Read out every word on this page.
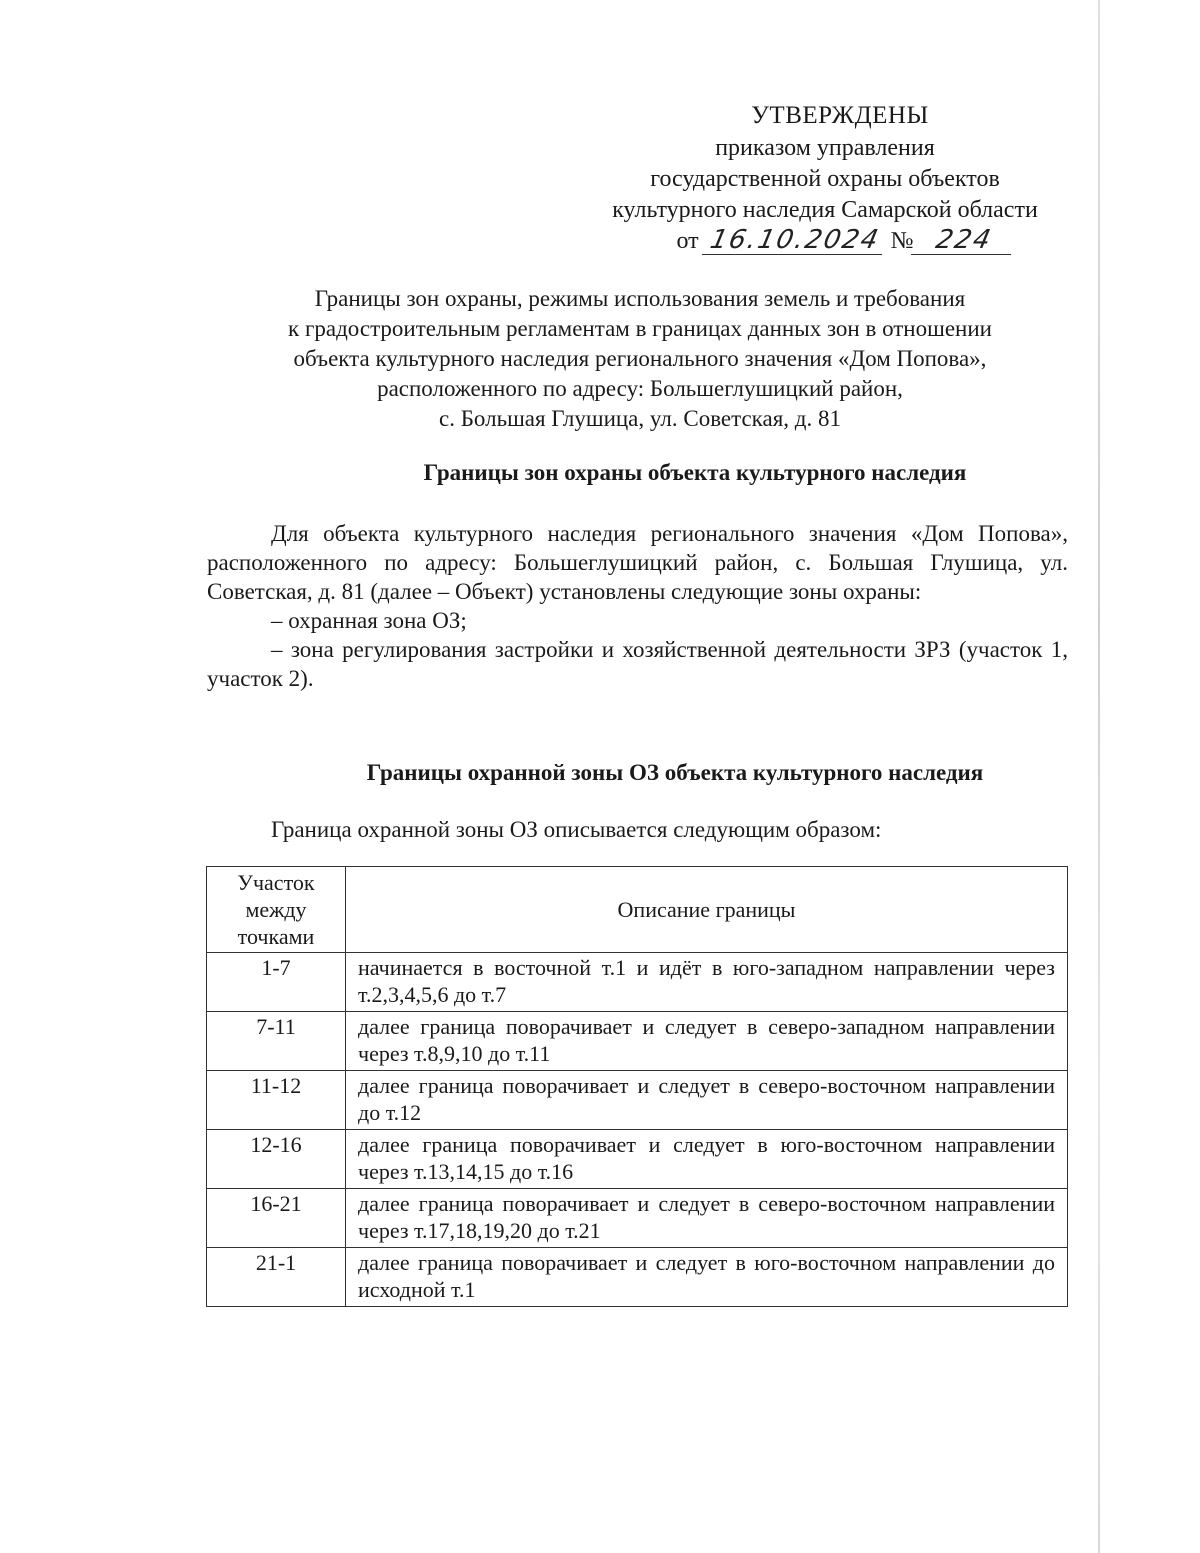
УТВЕРЖДЕНЫ
приказом управления
государственной охраны объектов
культурного наследия Самарской области
от 16.10.2024 № 224
Границы зон охраны, режимы использования земель и требования
к градостроительным регламентам в границах данных зон в отношении
объекта культурного наследия регионального значения «Дом Попова»,
расположенного по адресу: Большеглушицкий район,
с. Большая Глушица, ул. Советская, д. 81
Границы зон охраны объекта культурного наследия

Для объекта культурного наследия регионального значения «Дом Попова», расположенного по адресу: Большеглушицкий район, с. Большая Глушица, ул. Советская, д. 81 (далее – Объект) установлены следующие зоны охраны:

– охранная зона ОЗ;

– зона регулирования застройки и хозяйственной деятельности ЗРЗ (участок 1, участок 2).

Границы охранной зоны ОЗ объекта культурного наследия
Граница охранной зоны ОЗ описывается следующим образом:
Участок
между
точками	Описание границы
1-7	начинается в восточной т.1 и идёт в юго-западном направлении через т.2,3,4,5,6 до т.7
7-11	далее граница поворачивает и следует в северо-западном направлении через т.8,9,10 до т.11
11-12	далее граница поворачивает и следует в северо-восточном направлении до т.12
12-16	далее граница поворачивает и следует в юго-восточном направлении через т.13,14,15 до т.16
16-21	далее граница поворачивает и следует в северо-восточном направлении через т.17,18,19,20 до т.21
21-1	далее граница поворачивает и следует в юго-восточном направлении до исходной т.1
